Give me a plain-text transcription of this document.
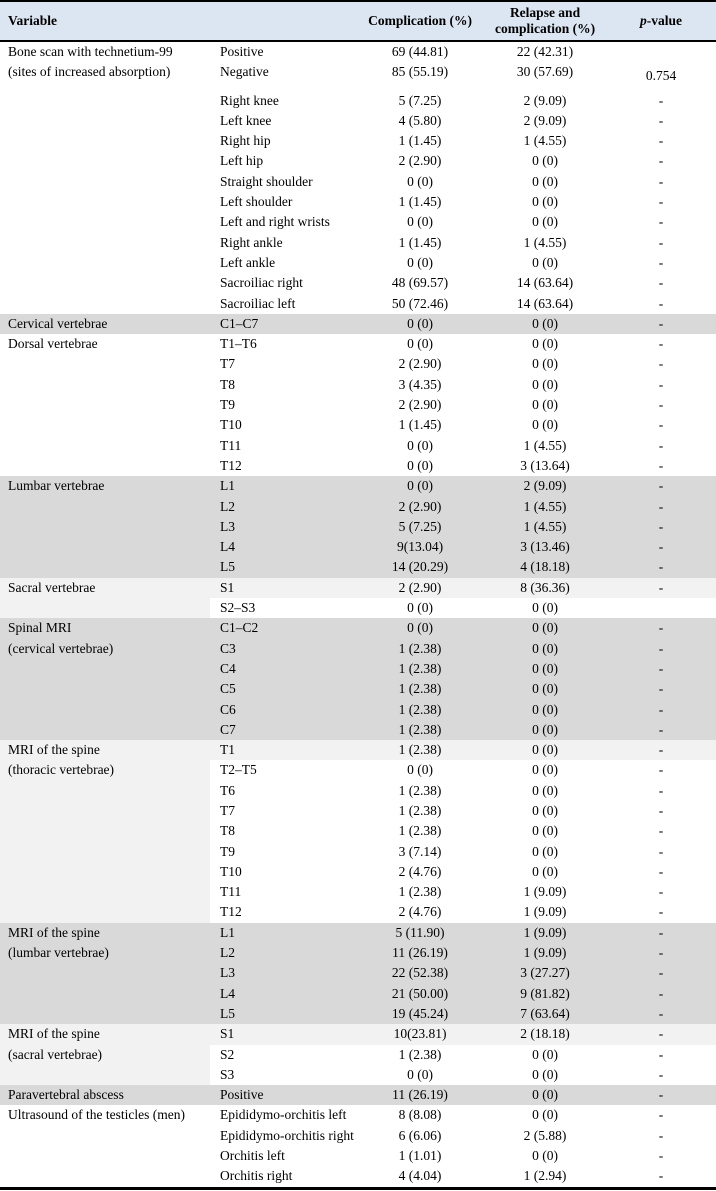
Variable		Complication (%)	Relapse and complication (%)	p-value

Bone scan with technetium-99
(sites of increased absorption)	Positive	69 (44.81)	22 (42.31)	
	Negative	85 (55.19)	30 (57.69)	0.754

	Right knee	5 (7.25)	2 (9.09)	-
	Left knee	4 (5.80)	2 (9.09)	-
	Right hip	1 (1.45)	1 (4.55)	-
	Left hip	2 (2.90)	0 (0)	-
	Straight shoulder	0 (0)	0 (0)	-
	Left shoulder	1 (1.45)	0 (0)	-
	Left and right wrists	0 (0)	0 (0)	-
	Right ankle	1 (1.45)	1 (4.55)	-
	Left ankle	0 (0)	0 (0)	-
	Sacroiliac right	48 (69.57)	14 (63.64)	-
	Sacroiliac left	50 (72.46)	14 (63.64)	-

Cervical vertebrae	C1–C7	0 (0)	0 (0)	-

Dorsal vertebrae	T1–T6	0 (0)	0 (0)	-
	T7	2 (2.90)	0 (0)	-
	T8	3 (4.35)	0 (0)	-
	T9	2 (2.90)	0 (0)	-
	T10	1 (1.45)	0 (0)	-
	T11	0 (0)	1 (4.55)	-
	T12	0 (0)	3 (13.64)	-

Lumbar vertebrae	L1	0 (0)	2 (9.09)	-
	L2	2 (2.90)	1 (4.55)	-
	L3	5 (7.25)	1 (4.55)	-
	L4	9(13.04)	3 (13.46)	-
	L5	14 (20.29)	4 (18.18)	-

Sacral vertebrae	S1	2 (2.90)	8 (36.36)	-
	S2–S3	0 (0)	0 (0)	

Spinal MRI
(cervical vertebrae)	C1–C2	0 (0)	0 (0)	-
	C3	1 (2.38)	0 (0)	-
	C4	1 (2.38)	0 (0)	-
	C5	1 (2.38)	0 (0)	-
	C6	1 (2.38)	0 (0)	-
	C7	1 (2.38)	0 (0)	-

MRI of the spine
(thoracic vertebrae)	T1	1 (2.38)	0 (0)	-
	T2–T5	0 (0)	0 (0)	-
	T6	1 (2.38)	0 (0)	-
	T7	1 (2.38)	0 (0)	-
	T8	1 (2.38)	0 (0)	-
	T9	3 (7.14)	0 (0)	-
	T10	2 (4.76)	0 (0)	-
	T11	1 (2.38)	1 (9.09)	-
	T12	2 (4.76)	1 (9.09)	-

MRI of the spine
(lumbar vertebrae)	L1	5 (11.90)	1 (9.09)	-
	L2	11 (26.19)	1 (9.09)	-
	L3	22 (52.38)	3 (27.27)	-
	L4	21 (50.00)	9 (81.82)	-
	L5	19 (45.24)	7 (63.64)	-

MRI of the spine
(sacral vertebrae)	S1	10(23.81)	2 (18.18)	-
	S2	1 (2.38)	0 (0)	-
	S3	0 (0)	0 (0)	-

Paravertebral abscess	Positive	11 (26.19)	0 (0)	-

Ultrasound of the testicles (men)	Epididymo-orchitis left	8 (8.08)	0 (0)	-
	Epididymo-orchitis right	6 (6.06)	2 (5.88)	-
	Orchitis left	1 (1.01)	0 (0)	-
	Orchitis right	4 (4.04)	1 (2.94)	-
